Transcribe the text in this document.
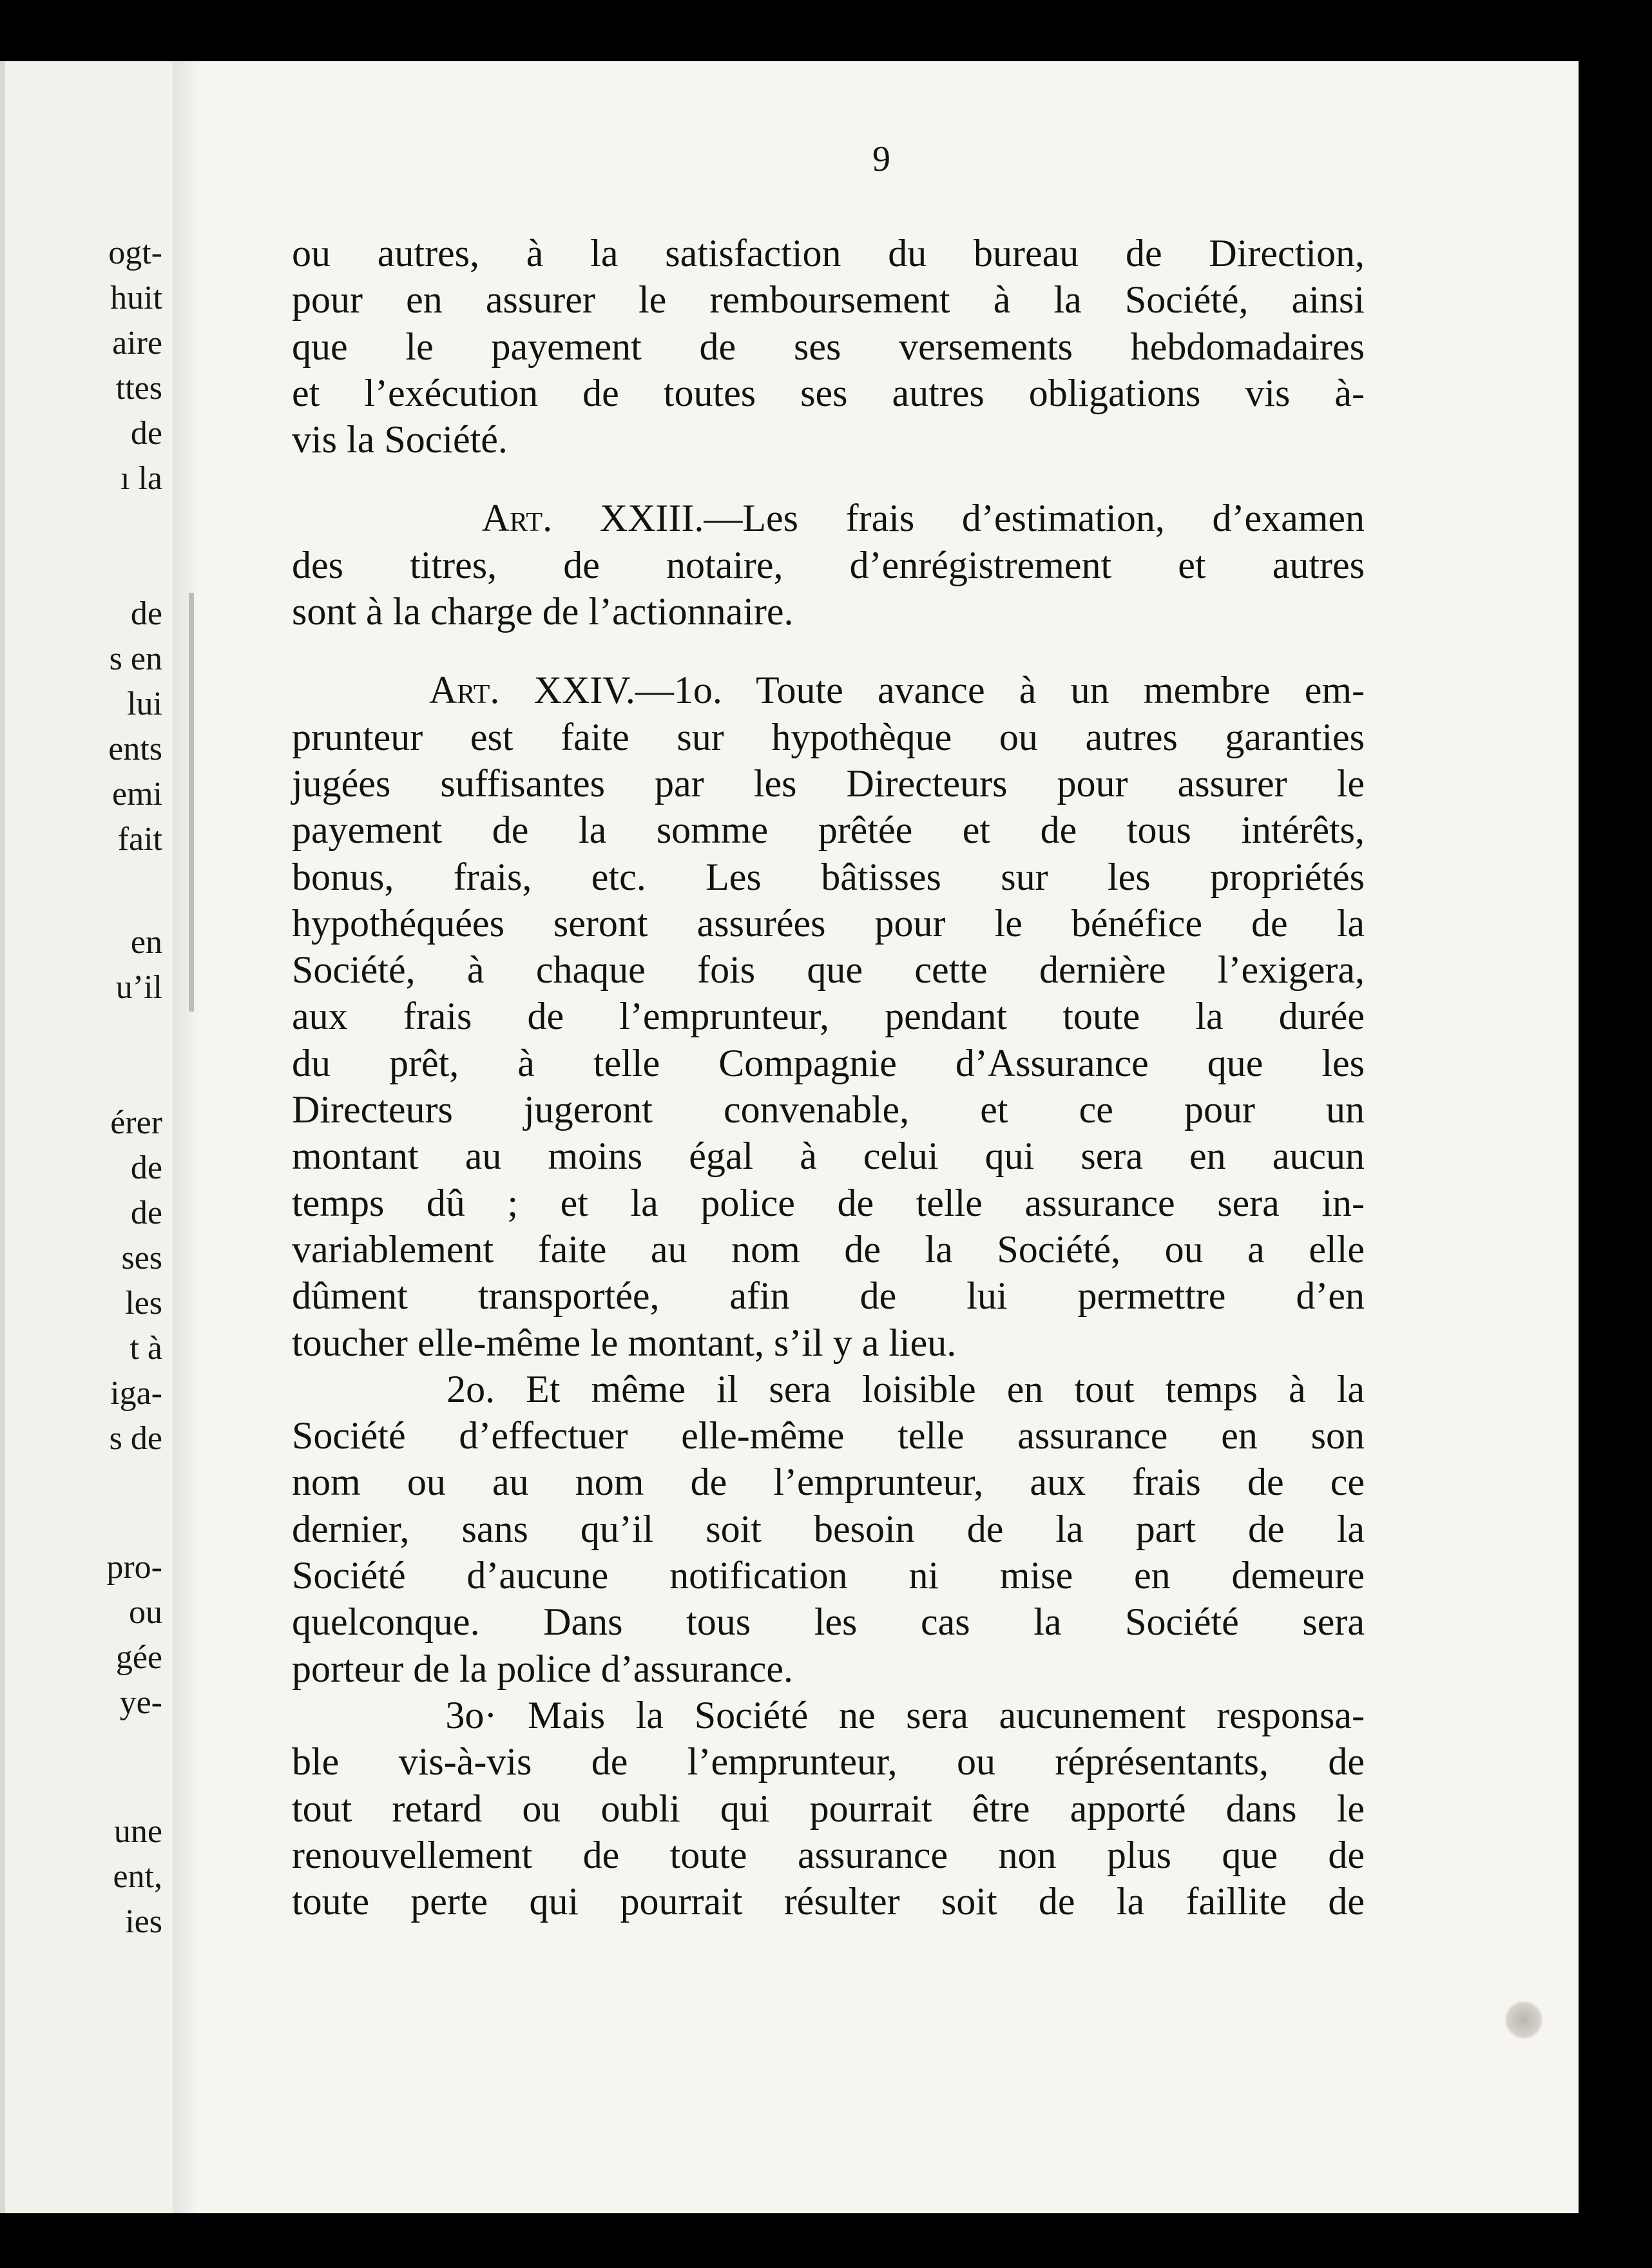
ogt-
huit
aire
ttes
de
ı la
de
s en
lui
ents
emi
fait
en
u’il
érer
de
de
ses
les
t à
iga-
s de
pro-
ou
gée
ye-
une
ent,
ies
9
ou autres, à la satisfaction du bureau de Direction,
pour en assurer le remboursement à la Société, ainsi
que le payement de ses versements hebdomadaires
et l’exécution de toutes ses autres obligations vis à-
vis la Société.
Art. XXIII.—Les frais d’estimation, d’examen
des titres, de notaire, d’enrégistrement et autres
sont à la charge de l’actionnaire.
Art. XXIV.—1o. Toute avance à un membre em-
prunteur est faite sur hypothèque ou autres garanties
jugées suffisantes par les Directeurs pour assurer le
payement de la somme prêtée et de tous intérêts,
bonus, frais, etc. Les bâtisses sur les propriétés
hypothéquées seront assurées pour le bénéfice de la
Société, à chaque fois que cette dernière l’exigera,
aux frais de l’emprunteur, pendant toute la durée
du prêt, à telle Compagnie d’Assurance que les
Directeurs jugeront convenable, et ce pour un
montant au moins égal à celui qui sera en aucun
temps dû ; et la police de telle assurance sera in-
variablement faite au nom de la Société, ou a elle
dûment transportée, afin de lui permettre d’en
toucher elle-même le montant, s’il y a lieu.
2o. Et même il sera loisible en tout temps à la
Société d’effectuer elle-même telle assurance en son
nom ou au nom de l’emprunteur, aux frais de ce
dernier, sans qu’il soit besoin de la part de la
Société d’aucune notification ni mise en demeure
quelconque. Dans tous les cas la Société sera
porteur de la police d’assurance.
3o· Mais la Société ne sera aucunement responsa-
ble vis-à-vis de l’emprunteur, ou réprésentants, de
tout retard ou oubli qui pourrait être apporté dans le
renouvellement de toute assurance non plus que de
toute perte qui pourrait résulter soit de la faillite de
